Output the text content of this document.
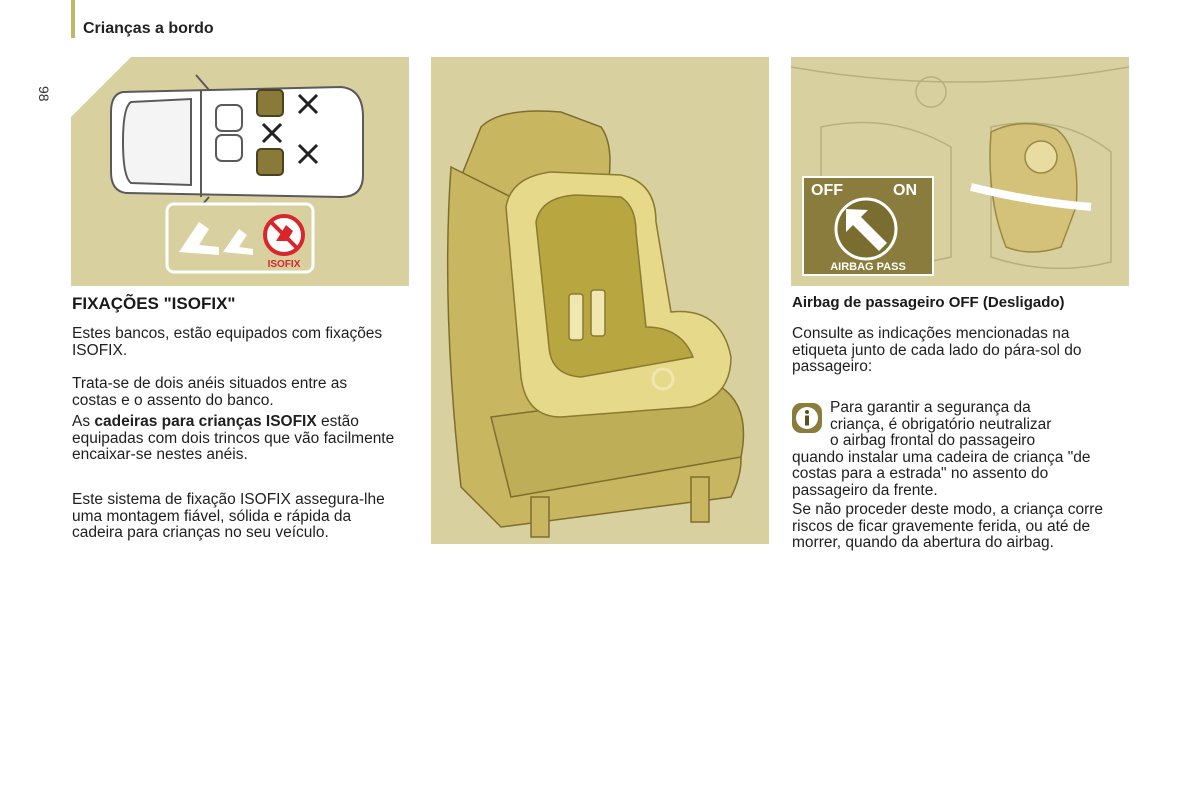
Crianças a bordo
98
ISOFIX
FIXAÇÕES "ISOFIX"

Estes bancos, estão equipados com fixações ISOFIX.

Trata-se de dois anéis situados entre as costas e o assento do banco.

As cadeiras para crianças ISOFIX estão equipadas com dois trincos que vão facilmente encaixar-se nestes anéis.

Este sistema de fixação ISOFIX assegura-lhe uma montagem fiável, sólida e rápida da cadeira para crianças no seu veículo.

OFF	ON
AIRBAG PASS
Airbag de passageiro OFF (Desligado)

Consulte as indicações mencionadas na etiqueta junto de cada lado do pára-sol do passageiro:

Para garantir a segurança da

criança, é obrigatório neutralizar

o airbag frontal do passageiro

quando instalar uma cadeira de criança "de costas para a estrada" no assento do passageiro da frente.

Se não proceder deste modo, a criança corre riscos de ficar gravemente ferida, ou até de morrer, quando da abertura do airbag.
